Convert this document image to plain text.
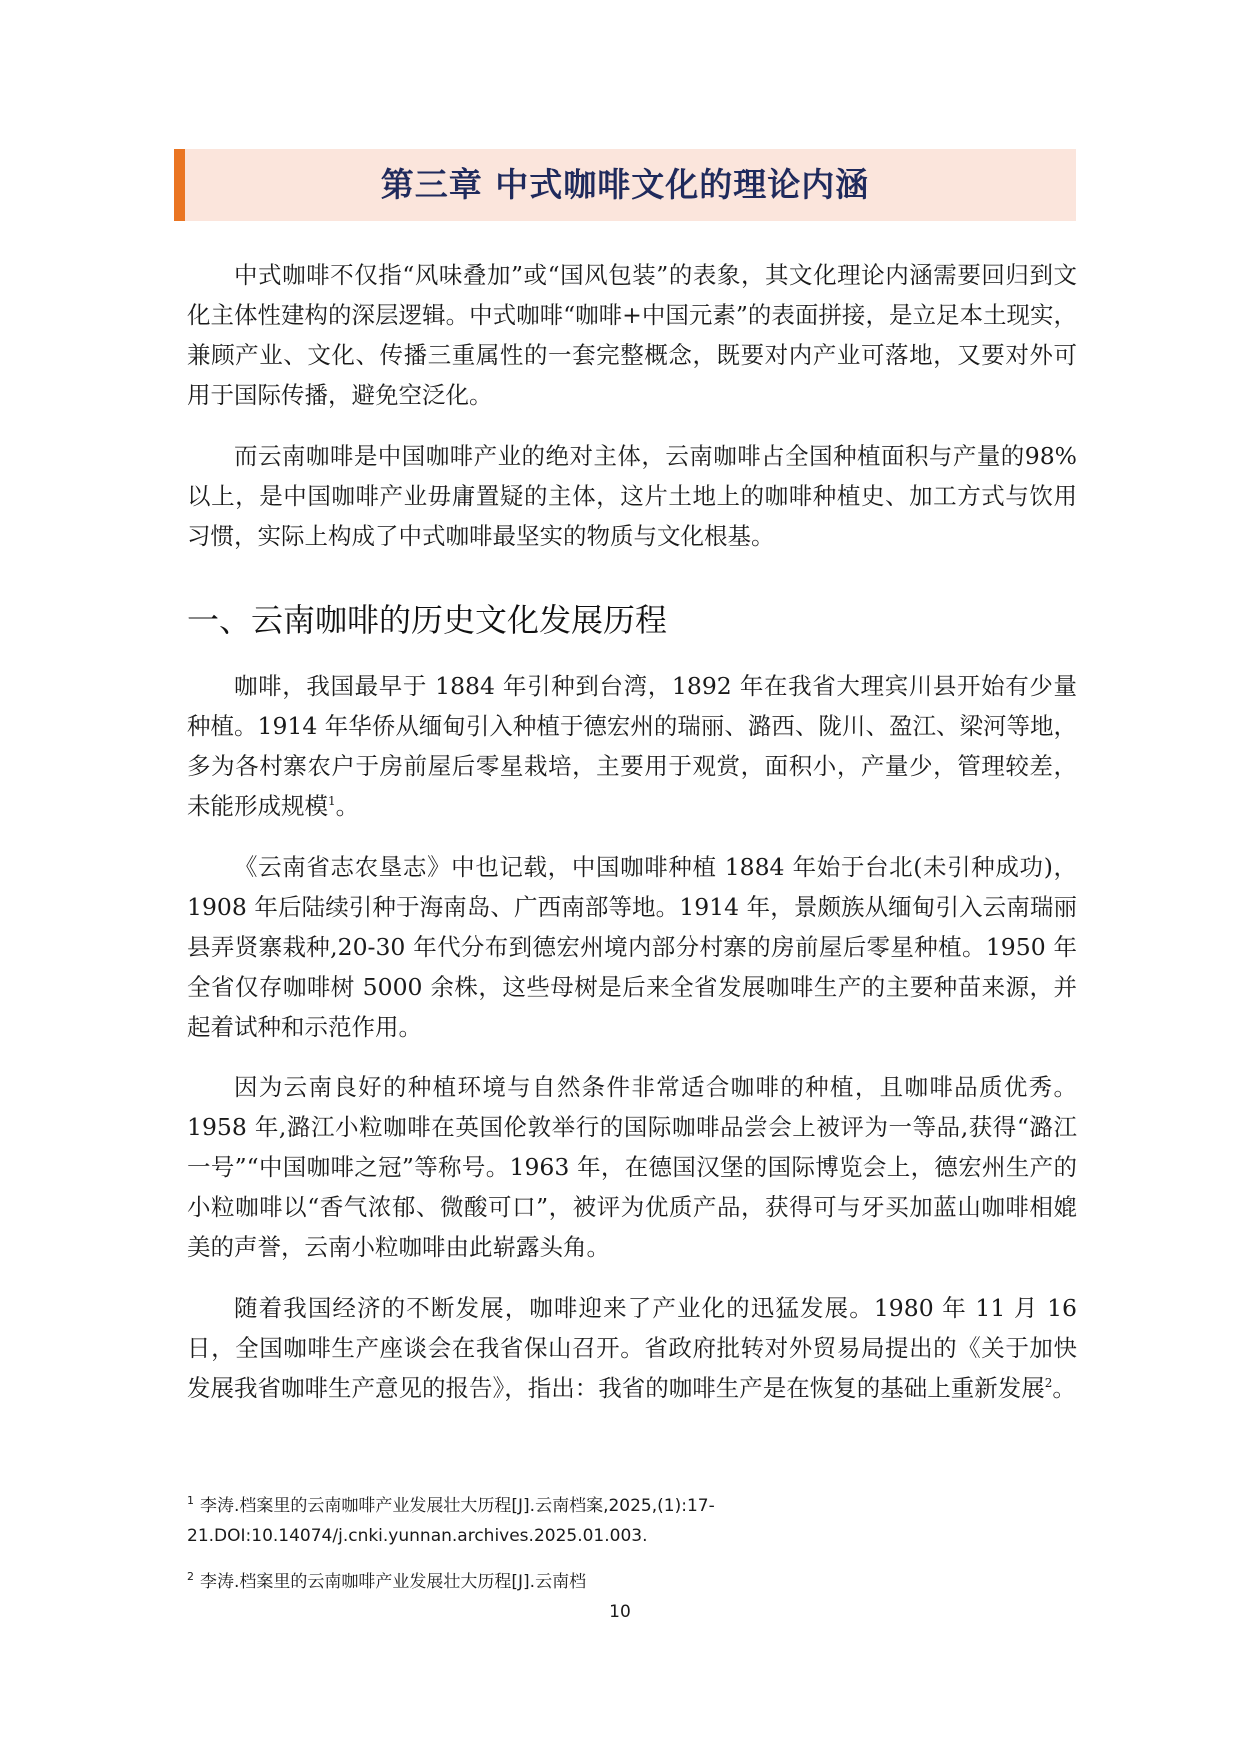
第三章 中式咖啡文化的理论内涵

中式咖啡不仅指“风味叠加”或“国风包装”的表象，其文化理论内涵需要回归到文化主体性建构的深层逻辑。中式咖啡“咖啡+中国元素”的表面拼接，是立足本土现实，兼顾产业、文化、传播三重属性的一套完整概念，既要对内产业可落地，又要对外可用于国际传播，避免空泛化。

而云南咖啡是中国咖啡产业的绝对主体，云南咖啡占全国种植面积与产量的98%以上，是中国咖啡产业毋庸置疑的主体，这片土地上的咖啡种植史、加工方式与饮用习惯，实际上构成了中式咖啡最坚实的物质与文化根基。

一、云南咖啡的历史文化发展历程

咖啡，我国最早于 1884 年引种到台湾，1892 年在我省大理宾川县开始有少量种植。1914 年华侨从缅甸引入种植于德宏州的瑞丽、潞西、陇川、盈江、梁河等地，多为各村寨农户于房前屋后零星栽培，主要用于观赏，面积小，产量少，管理较差，未能形成规模$^1$。

《云南省志农垦志》中也记载，中国咖啡种植 1884 年始于台北(未引种成功)，1908 年后陆续引种于海南岛、广西南部等地。1914 年，景颇族从缅甸引入云南瑞丽县弄贤寨栽种,20-30 年代分布到德宏州境内部分村寨的房前屋后零星种植。1950 年全省仅存咖啡树 5000 余株，这些母树是后来全省发展咖啡生产的主要种苗来源，并起着试种和示范作用。

因为云南良好的种植环境与自然条件非常适合咖啡的种植，且咖啡品质优秀。1958 年,潞江小粒咖啡在英国伦敦举行的国际咖啡品尝会上被评为一等品,获得“潞江一号”“中国咖啡之冠”等称号。1963 年，在德国汉堡的国际博览会上，德宏州生产的小粒咖啡以“香气浓郁、微酸可口”，被评为优质产品，获得可与牙买加蓝山咖啡相媲美的声誉，云南小粒咖啡由此崭露头角。

随着我国经济的不断发展，咖啡迎来了产业化的迅猛发展。1980 年 11 月 16 日，全国咖啡生产座谈会在我省保山召开。省政府批转对外贸易局提出的《关于加快发展我省咖啡生产意见的报告》，指出：我省的咖啡生产是在恢复的基础上重新发展$^2$。

$^1$ 李涛.档案里的云南咖啡产业发展壮大历程[J].云南档案,2025,(1):17-21.DOI:10.14074/j.cnki.yunnan.archives.2025.01.003.
$^2$ 李涛.档案里的云南咖啡产业发展壮大历程[J].云南档
10
